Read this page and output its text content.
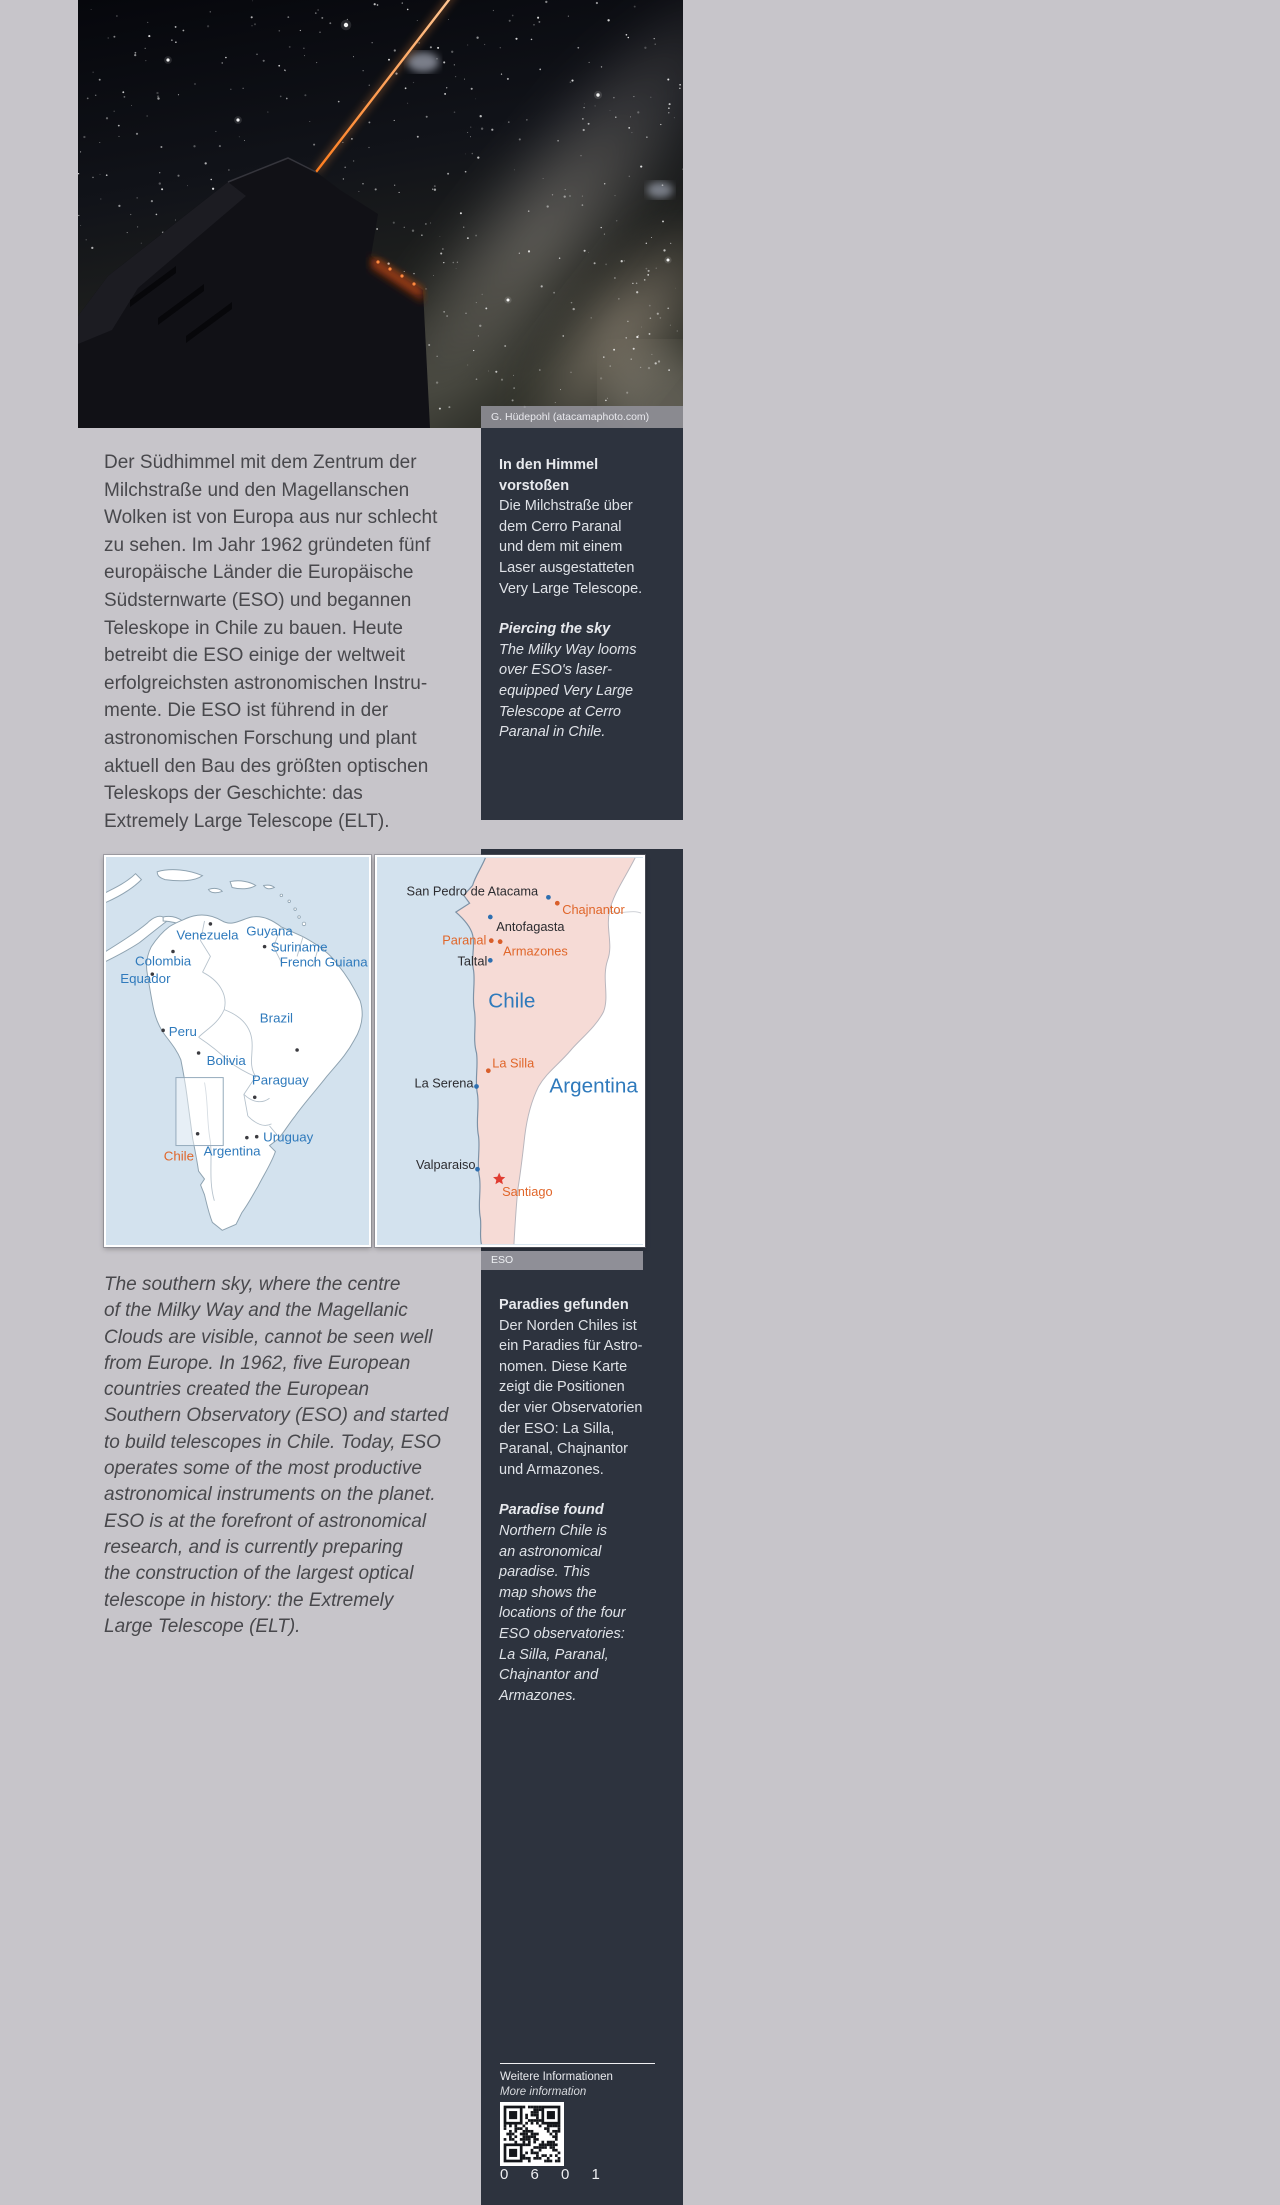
G. Hüdepohl (atacamaphoto.com)
Der Südhimmel mit dem Zentrum der
Milchstraße und den Magellanschen
Wolken ist von Europa aus nur schlecht
zu sehen. Im Jahr 1962 gründeten fünf
europäische Länder die Europäische
Südsternwarte (ESO) und begannen
Teleskope in Chile zu bauen. Heute
betreibt die ESO einige der weltweit
erfolgreichsten astronomischen Instru-
mente. Die ESO ist führend in der
astronomischen Forschung und plant
aktuell den Bau des größten optischen
Teleskops der Geschichte: das
Extremely Large Telescope (ELT).
In den Himmel
vorstoßen
Die Milchstraße über
dem Cerro Paranal
und dem mit einem
Laser ausgestatteten
Very Large Telescope.
Piercing the sky
The Milky Way looms
over ESO's laser-
equipped Very Large
Telescope at Cerro
Paranal in Chile.
Venezuela Guyana
Suriname
French Guiana
Colombia
Equador
Peru
Brazil
Bolivia
Paraguay
Uruguay
Argentina
Chile
San Pedro de Atacama
Chajnantor
Antofagasta
Paranal
Armazones
Taltal
Chile
La Silla
La Serena	Argentina
Valparaiso
Santiago
ESO
The southern sky, where the centre
of the Milky Way and the Magellanic
Clouds are visible, cannot be seen well
from Europe. In 1962, five European
countries created the European
Southern Observatory (ESO) and started
to build telescopes in Chile. Today, ESO
operates some of the most productive
astronomical instruments on the planet.
ESO is at the forefront of astronomical
research, and is currently preparing
the construction of the largest optical
telescope in history: the Extremely
Large Telescope (ELT).
Paradies gefunden
Der Norden Chiles ist
ein Paradies für Astro-
nomen. Diese Karte
zeigt die Positionen
der vier Observatorien
der ESO: La Silla,
Paranal, Chajnantor
und Armazones.
Paradise found
Northern Chile is
an astronomical
paradise. This
map shows the
locations of the four
ESO observatories:
La Silla, Paranal,
Chajnantor and
Armazones.
Weitere Informationen
More information
0 6 0 1
